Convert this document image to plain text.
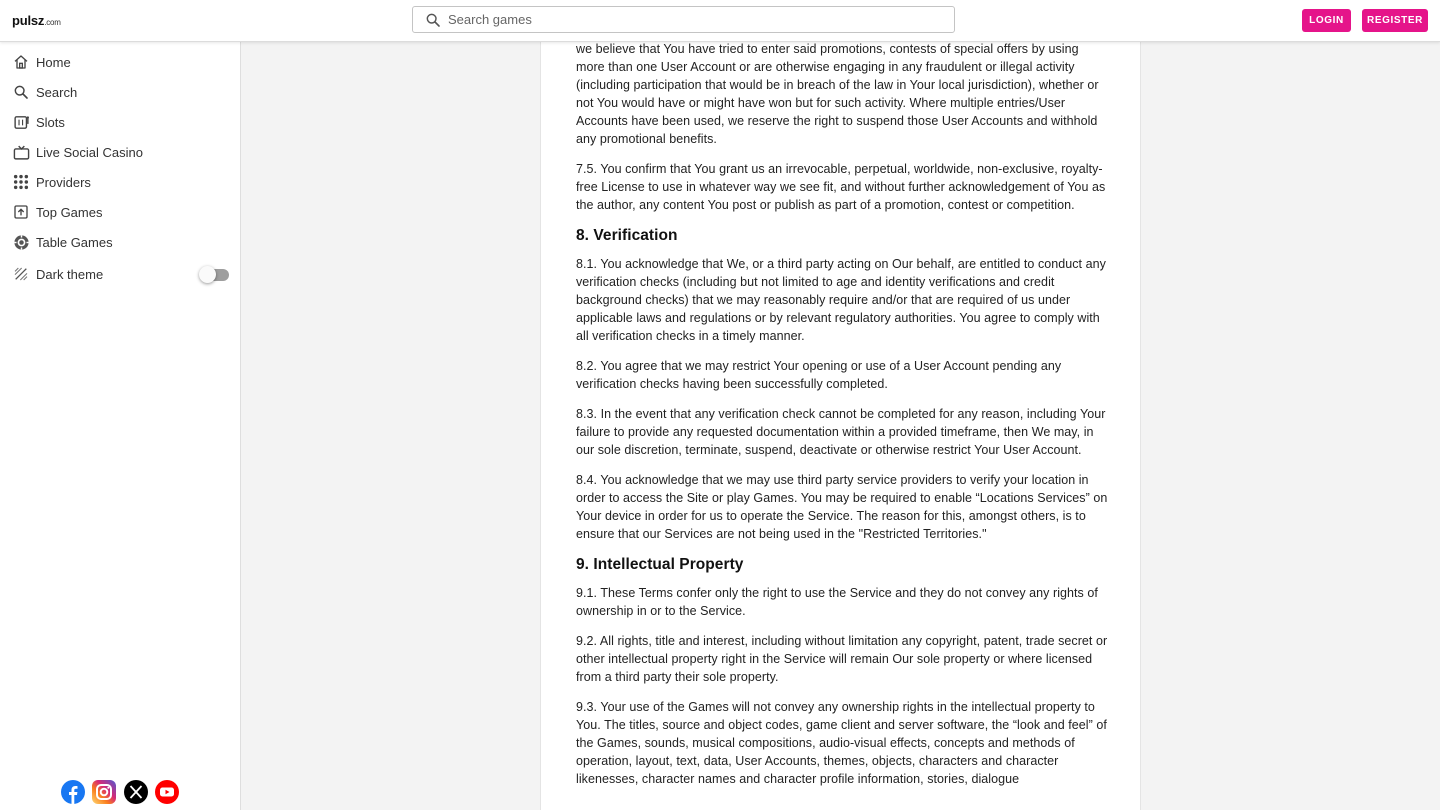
pulsz.com
Search games	LOGIN	REGISTER
Home
Search
Slots
Live Social Casino
Providers
Top Games
Table Games
Dark theme

we believe that You have tried to enter said promotions, contests of special offers by using more than one User Account or are otherwise engaging in any fraudulent or illegal activity (including participation that would be in breach of the law in Your local jurisdiction), whether or not You would have or might have won but for such activity. Where multiple entries/User Accounts have been used, we reserve the right to suspend those User Accounts and withhold any promotional benefits.

7.5. You confirm that You grant us an irrevocable, perpetual, worldwide, non-exclusive, royalty-free License to use in whatever way we see fit, and without further acknowledgement of You as the author, any content You post or publish as part of a promotion, contest or competition.

8. Verification

8.1. You acknowledge that We, or a third party acting on Our behalf, are entitled to conduct any verification checks (including but not limited to age and identity verifications and credit background checks) that we may reasonably require and/or that are required of us under applicable laws and regulations or by relevant regulatory authorities. You agree to comply with all verification checks in a timely manner.

8.2. You agree that we may restrict Your opening or use of a User Account pending any verification checks having been successfully completed.

8.3. In the event that any verification check cannot be completed for any reason, including Your failure to provide any requested documentation within a provided timeframe, then We may, in our sole discretion, terminate, suspend, deactivate or otherwise restrict Your User Account.

8.4. You acknowledge that we may use third party service providers to verify your location in order to access the Site or play Games. You may be required to enable “Locations Services” on Your device in order for us to operate the Service. The reason for this, amongst others, is to ensure that our Services are not being used in the "Restricted Territories."

9. Intellectual Property

9.1. These Terms confer only the right to use the Service and they do not convey any rights of ownership in or to the Service.

9.2. All rights, title and interest, including without limitation any copyright, patent, trade secret or other intellectual property right in the Service will remain Our sole property or where licensed from a third party their sole property.

9.3. Your use of the Games will not convey any ownership rights in the intellectual property to You. The titles, source and object codes, game client and server software, the “look and feel” of the Games, sounds, musical compositions, audio-visual effects, concepts and methods of operation, layout, text, data, User Accounts, themes, objects, characters and character likenesses, character names and character profile information, stories, dialogue
